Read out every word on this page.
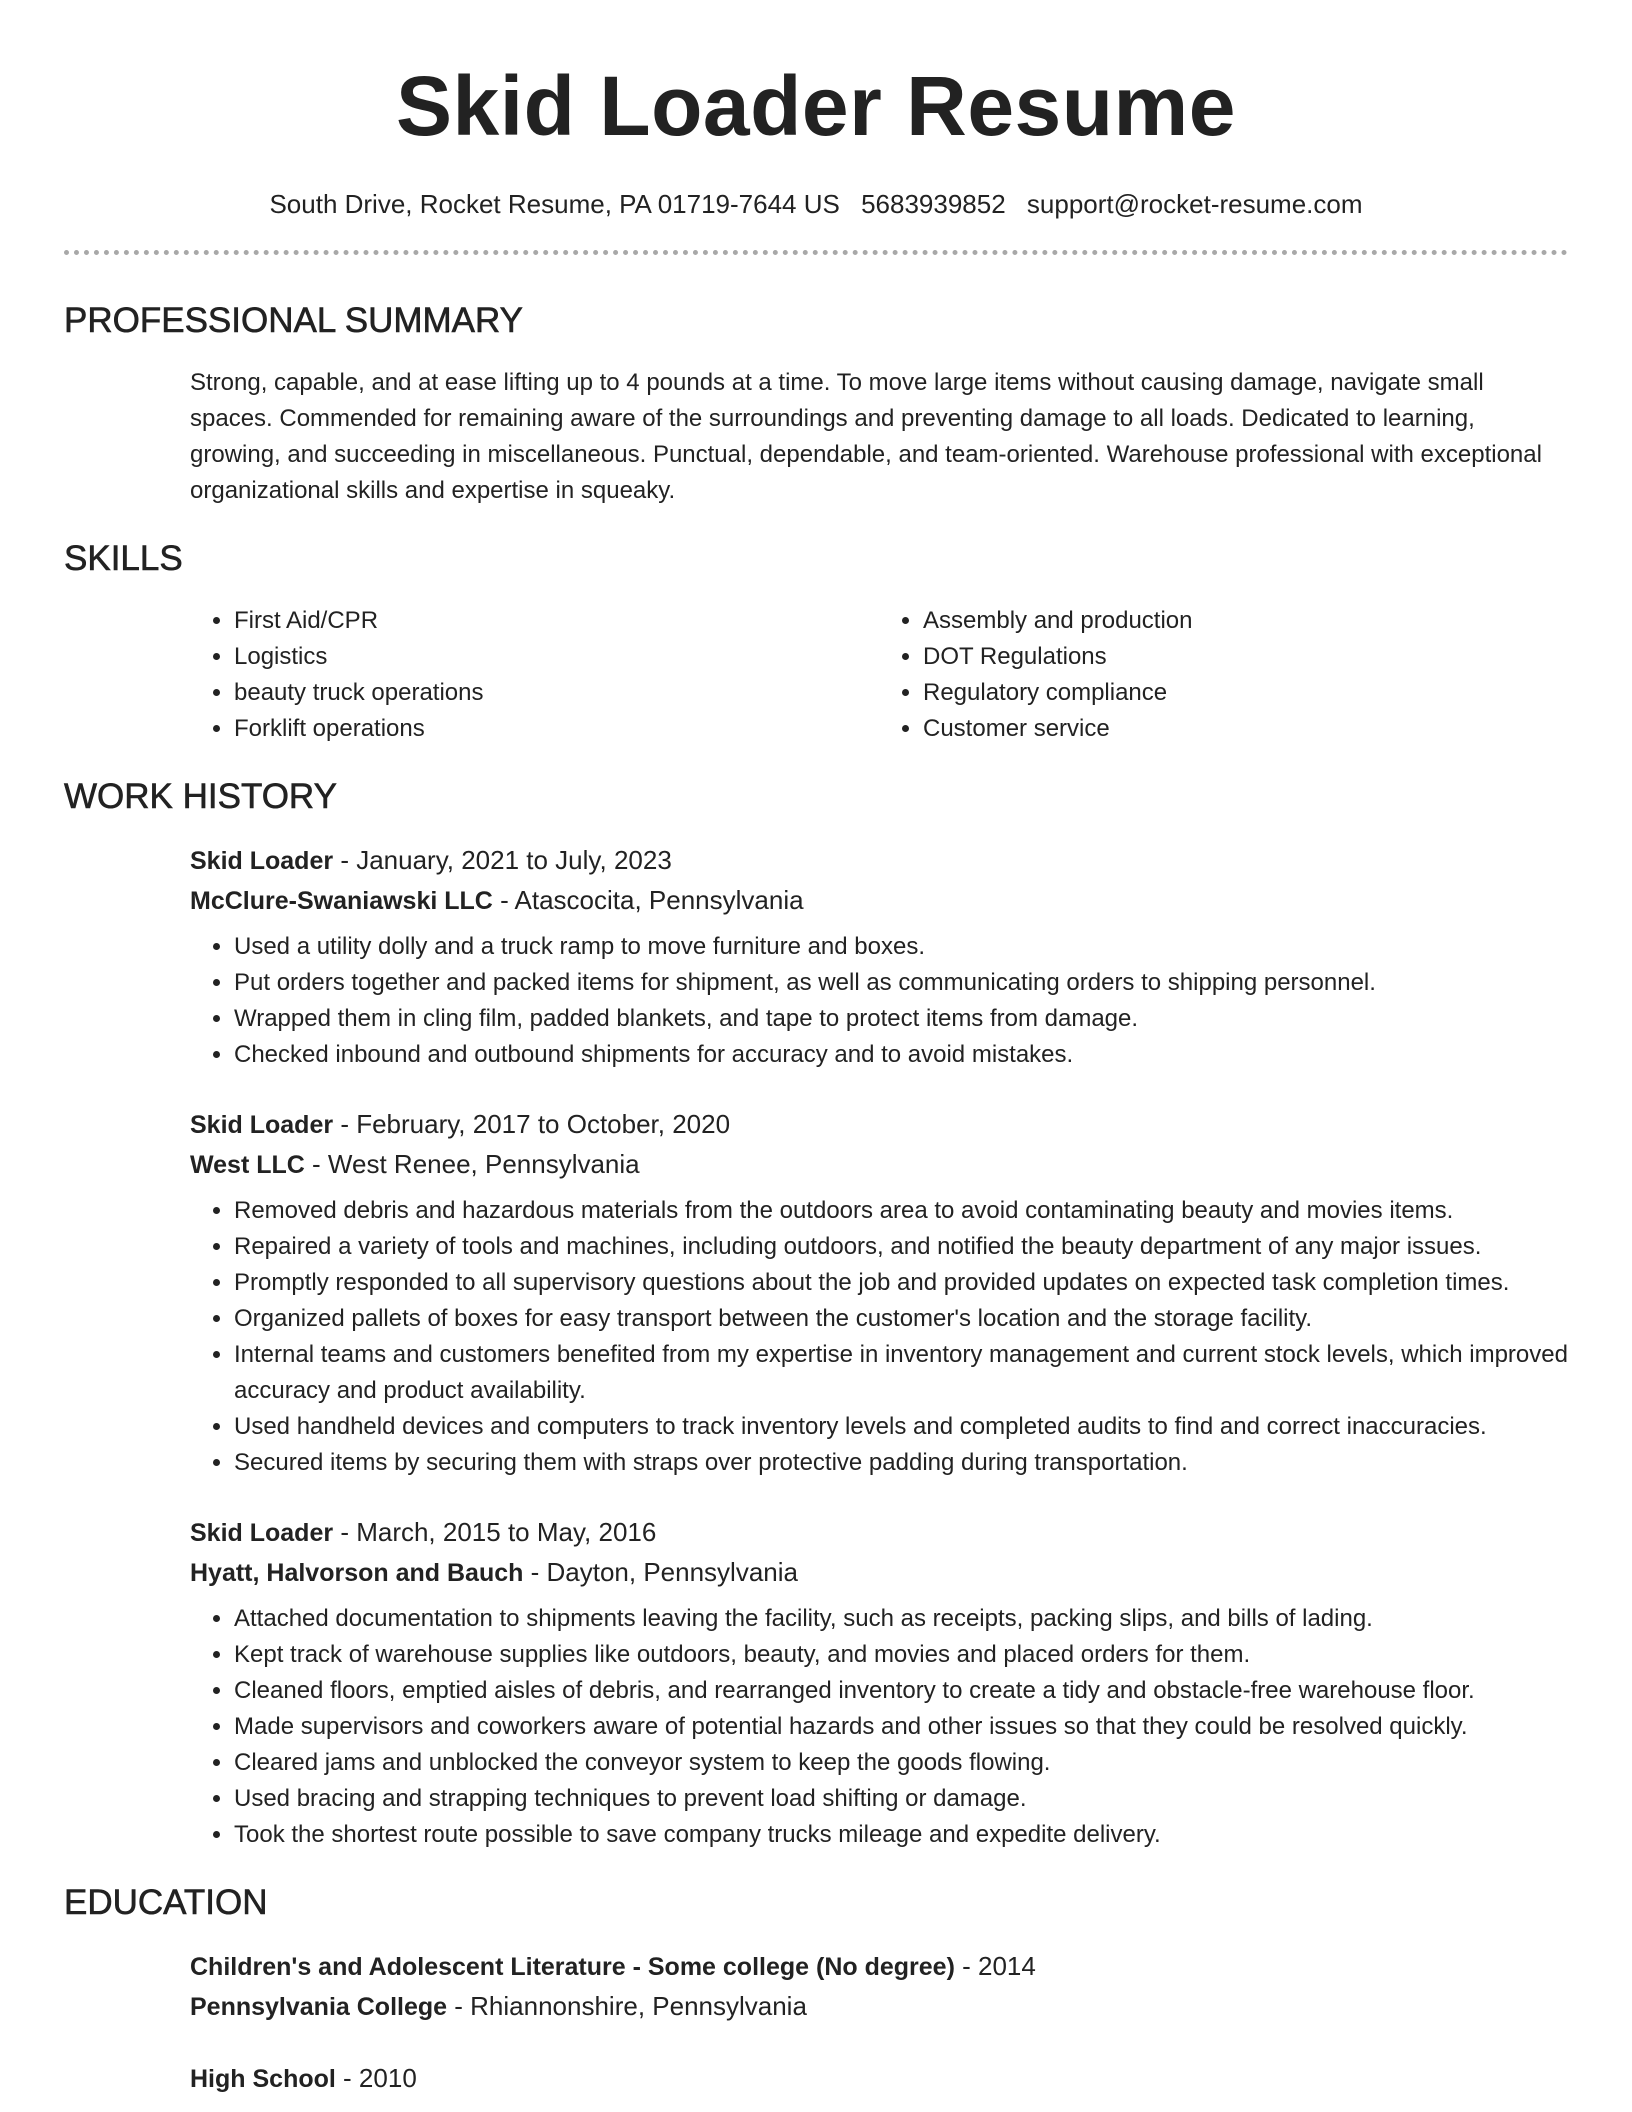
Skid Loader Resume
South Drive, Rocket Resume, PA 01719-7644 US 5683939852 support@rocket-resume.com
PROFESSIONAL SUMMARY
Strong, capable, and at ease lifting up to 4 pounds at a time. To move large items without causing damage, navigate small spaces. Commended for remaining aware of the surroundings and preventing damage to all loads. Dedicated to learning, growing, and succeeding in miscellaneous. Punctual, dependable, and team-oriented. Warehouse professional with exceptional organizational skills and expertise in squeaky.
SKILLS
• First Aid/CPR
• Logistics
• beauty truck operations
• Forklift operations
• Assembly and production
• DOT Regulations
• Regulatory compliance
• Customer service
WORK HISTORY
Skid Loader - January, 2021 to July, 2023
McClure-Swaniawski LLC - Atascocita, Pennsylvania
• Used a utility dolly and a truck ramp to move furniture and boxes.
• Put orders together and packed items for shipment, as well as communicating orders to shipping personnel.
• Wrapped them in cling film, padded blankets, and tape to protect items from damage.
• Checked inbound and outbound shipments for accuracy and to avoid mistakes.
Skid Loader - February, 2017 to October, 2020
West LLC - West Renee, Pennsylvania
• Removed debris and hazardous materials from the outdoors area to avoid contaminating beauty and movies items.
• Repaired a variety of tools and machines, including outdoors, and notified the beauty department of any major issues.
• Promptly responded to all supervisory questions about the job and provided updates on expected task completion times.
• Organized pallets of boxes for easy transport between the customer's location and the storage facility.
• Internal teams and customers benefited from my expertise in inventory management and current stock levels, which improved accuracy and product availability.
• Used handheld devices and computers to track inventory levels and completed audits to find and correct inaccuracies.
• Secured items by securing them with straps over protective padding during transportation.
Skid Loader - March, 2015 to May, 2016
Hyatt, Halvorson and Bauch - Dayton, Pennsylvania
• Attached documentation to shipments leaving the facility, such as receipts, packing slips, and bills of lading.
• Kept track of warehouse supplies like outdoors, beauty, and movies and placed orders for them.
• Cleaned floors, emptied aisles of debris, and rearranged inventory to create a tidy and obstacle-free warehouse floor.
• Made supervisors and coworkers aware of potential hazards and other issues so that they could be resolved quickly.
• Cleared jams and unblocked the conveyor system to keep the goods flowing.
• Used bracing and strapping techniques to prevent load shifting or damage.
• Took the shortest route possible to save company trucks mileage and expedite delivery.
EDUCATION
Children's and Adolescent Literature - Some college (No degree) - 2014
Pennsylvania College - Rhiannonshire, Pennsylvania
High School - 2010
